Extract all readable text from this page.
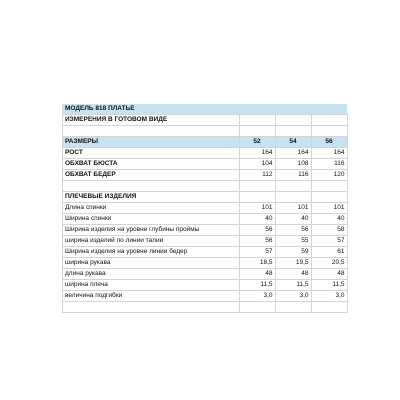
МОДЕЛЬ 818 ПЛАТЬЕ			
ИЗМЕРЕНИЯ В ГОТОВОМ ВИДЕ			

РАЗМЕРЫ	52	54	56
РОСТ	164	164	164
ОБХВАТ БЮСТА	104	108	116
ОБХВАТ БЕДЕР	112	116	120

ПЛЕЧЕВЫЕ ИЗДЕЛИЯ			
Длина спинки	101	101	101
Ширина спинки	40	40	40
Ширина изделия на уровне глубины проймы	56	56	58
ширина изделий по линии талии	56	55	57
Ширина изделия на уровне линии бедер	57	59	61
ширина рукава	18,5	19,5	20,5
длина рукава	48	48	48
ширина плеча	11,5	11,5	11,5
величина подгибки	3,0	3,0	3,0
